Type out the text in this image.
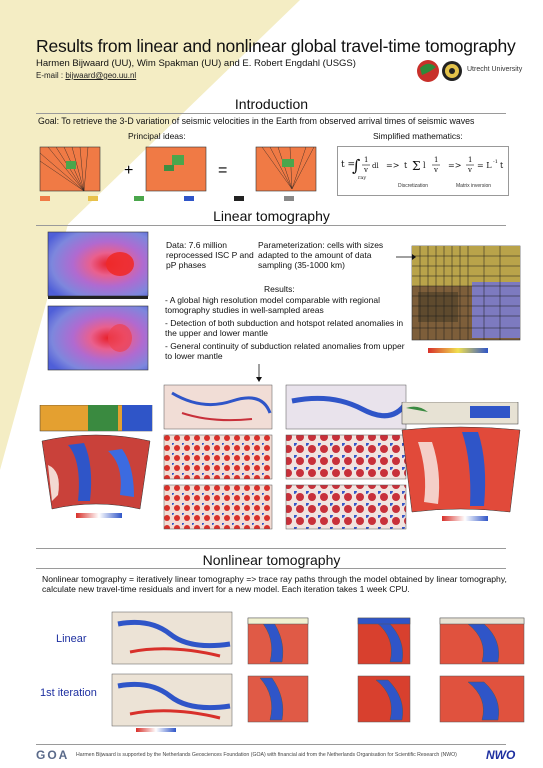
Results from linear and nonlinear global travel-time tomography
Harmen Bijwaard (UU), Wim Spakman (UU) and E. Robert Engdahl (USGS)
E-mail : bijwaard@geo.uu.nl
Utrecht University
Introduction
Goal: To retrieve the 3-D variation of seismic velocities in the Earth from observed arrival times of seismic waves
Principal ideas:	Simplified mathematics:
+	=	t =
∫
ray
1
v dl => t Σ l
1
v =>
1
v = L -1 t
Discretization	Matrix inversion
Linear tomography
Data: 7.6 million reprocessed ISC P and pP phases
Parameterization: cells with sizes adapted to the amount of data sampling (35-1000 km)
Results:
- A global high resolution model comparable with regional tomography studies in well-sampled areas
- Detection of both subduction and hotspot related anomalies in the upper and lower mantle
- General continuity of subduction related anomalies from upper to lower mantle
Nonlinear tomography
Nonlinear tomography = iteratively linear tomography => trace ray paths through the model obtained by linear tomography, calculate new travel-time residuals and invert for a new model. Each iteration takes 1 week CPU.
Linear
1st iteration
GOA Harmen Bijwaard is supported by the Netherlands Geosciences Foundation (GOA) with financial aid from the Netherlands Organisation for Scientific Research (NWO) NWO
